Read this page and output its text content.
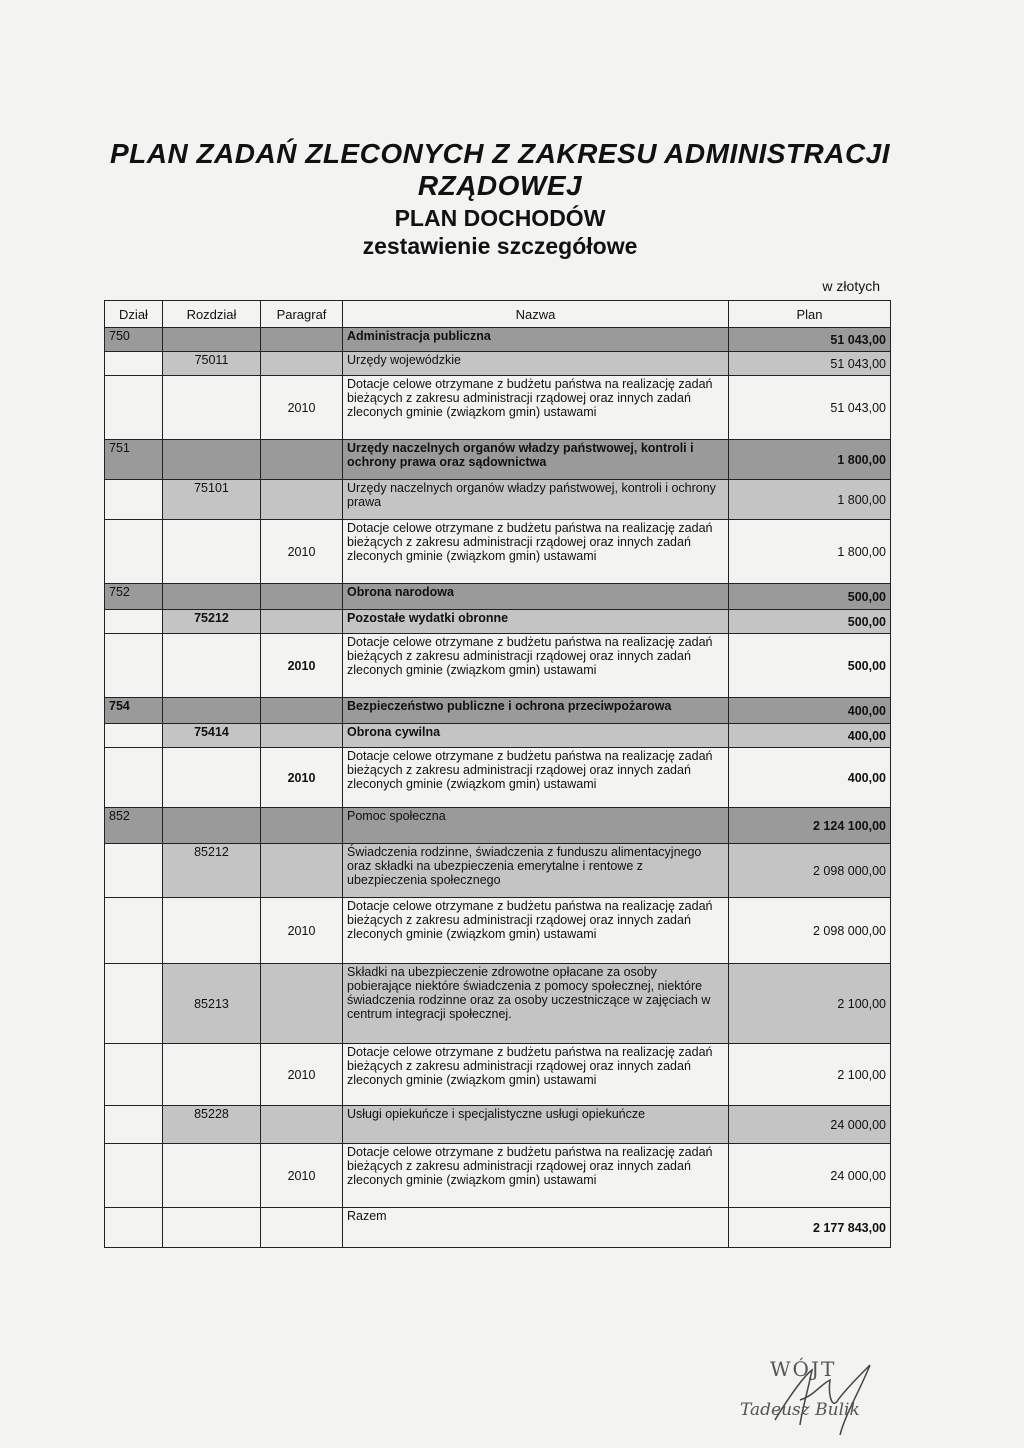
PLAN ZADAŃ ZLECONYCH Z ZAKRESU ADMINISTRACJI RZĄDOWEJ
PLAN DOCHODÓW
zestawienie szczegółowe
w złotych
Dział	Rozdział	Paragraf	Nazwa	Plan
750			Administracja publiczna	51 043,00
	75011		Urzędy wojewódzkie	51 043,00
		2010	Dotacje celowe otrzymane z budżetu państwa na realizację zadań bieżących z zakresu administracji rządowej oraz innych zadań zleconych gminie (związkom gmin) ustawami	51 043,00
751			Urzędy naczelnych organów władzy państwowej, kontroli i ochrony prawa oraz sądownictwa	1 800,00
	75101		Urzędy naczelnych organów władzy państwowej, kontroli i ochrony prawa	1 800,00
		2010	Dotacje celowe otrzymane z budżetu państwa na realizację zadań bieżących z zakresu administracji rządowej oraz innych zadań zleconych gminie (związkom gmin) ustawami	1 800,00
752			Obrona narodowa	500,00
	75212		Pozostałe wydatki obronne	500,00
		2010	Dotacje celowe otrzymane z budżetu państwa na realizację zadań bieżących z zakresu administracji rządowej oraz innych zadań zleconych gminie (związkom gmin) ustawami	500,00
754			Bezpieczeństwo publiczne i ochrona przeciwpożarowa	400,00
	75414		Obrona cywilna	400,00
		2010	Dotacje celowe otrzymane z budżetu państwa na realizację zadań bieżących z zakresu administracji rządowej oraz innych zadań zleconych gminie (związkom gmin) ustawami	400,00
852			Pomoc społeczna	2 124 100,00
	85212		Świadczenia rodzinne, świadczenia z funduszu alimentacyjnego oraz składki na ubezpieczenia emerytalne i rentowe z ubezpieczenia społecznego	2 098 000,00
		2010	Dotacje celowe otrzymane z budżetu państwa na realizację zadań bieżących z zakresu administracji rządowej oraz innych zadań zleconych gminie (związkom gmin) ustawami	2 098 000,00
	85213		Składki na ubezpieczenie zdrowotne opłacane za osoby pobierające niektóre świadczenia z pomocy społecznej, niektóre świadczenia rodzinne oraz za osoby uczestniczące w zajęciach w centrum integracji społecznej.	2 100,00
		2010	Dotacje celowe otrzymane z budżetu państwa na realizację zadań bieżących z zakresu administracji rządowej oraz innych zadań zleconych gminie (związkom gmin) ustawami	2 100,00
	85228		Usługi opiekuńcze i specjalistyczne usługi opiekuńcze	24 000,00
		2010	Dotacje celowe otrzymane z budżetu państwa na realizację zadań bieżących z zakresu administracji rządowej oraz innych zadań zleconych gminie (związkom gmin) ustawami	24 000,00
			Razem	2 177 843,00
WÓJT
Tadeusz Bulik
